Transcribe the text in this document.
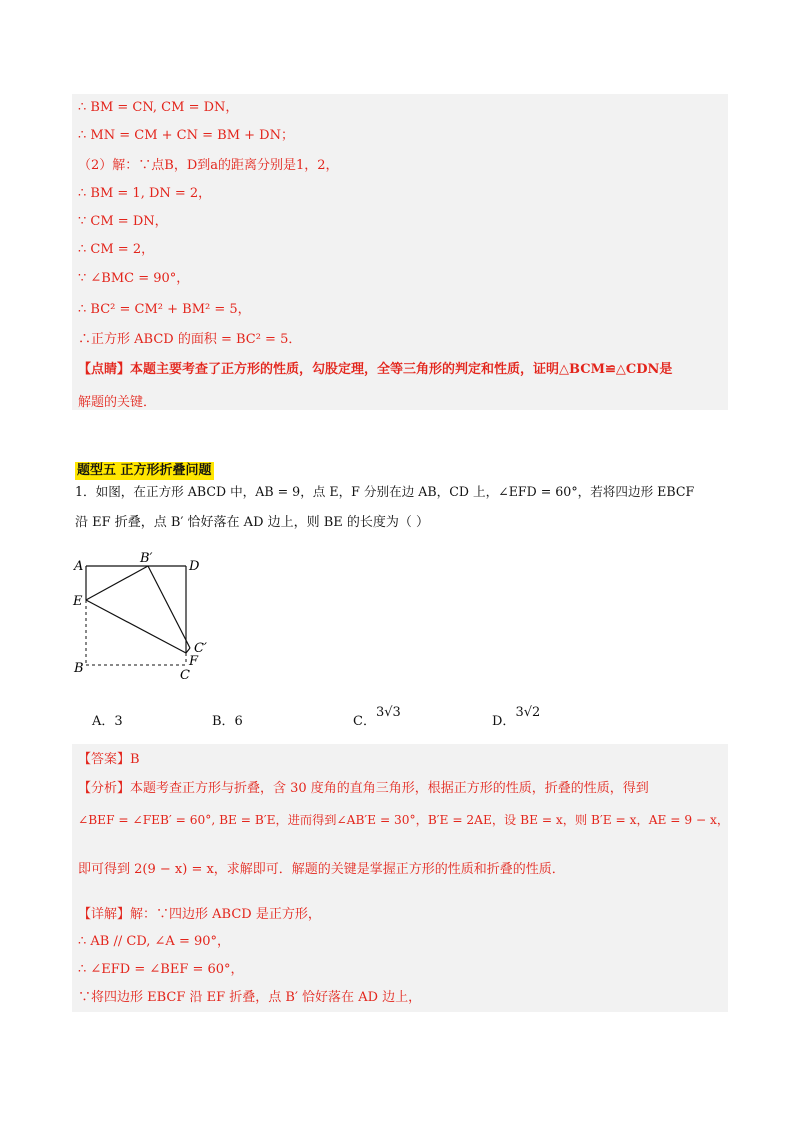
∴ BM = CN, CM = DN，
∴ MN = CM + CN = BM + DN；
（2）解：∵点B，D到a的距离分别是1，2，
∴ BM = 1, DN = 2，
∵ CM = DN，
∴ CM = 2，
∵ ∠BMC = 90°，
∴ BC² = CM² + BM² = 5，
∴正方形 ABCD 的面积 = BC² = 5．
【点睛】本题主要考查了正方形的性质，勾股定理，全等三角形的判定和性质，证明△BCM≌△CDN是
解题的关键．
题型五 正方形折叠问题
1．如图，在正方形 ABCD 中，AB = 9，点 E，F 分别在边 AB，CD 上，∠EFD = 60°，若将四边形 EBCF
沿 EF 折叠，点 B′ 恰好落在 AD 边上，则 BE 的长度为（ ）
A
B′
D
E
C′
F
B	C
A．3	B．6	C．3√3
D．3√2
【答案】B
【分析】本题考查正方形与折叠，含 30 度角的直角三角形，根据正方形的性质，折叠的性质，得到
∠BEF = ∠FEB′ = 60°, BE = B′E，进而得到∠AB′E = 30°，B′E = 2AE，设 BE = x，则 B′E = x，AE = 9 − x，
即可得到 2(9 − x) = x，求解即可．解题的关键是掌握正方形的性质和折叠的性质．
【详解】解：∵四边形 ABCD 是正方形，
∴ AB // CD, ∠A = 90°，
∴ ∠EFD = ∠BEF = 60°，
∵将四边形 EBCF 沿 EF 折叠，点 B′ 恰好落在 AD 边上，
